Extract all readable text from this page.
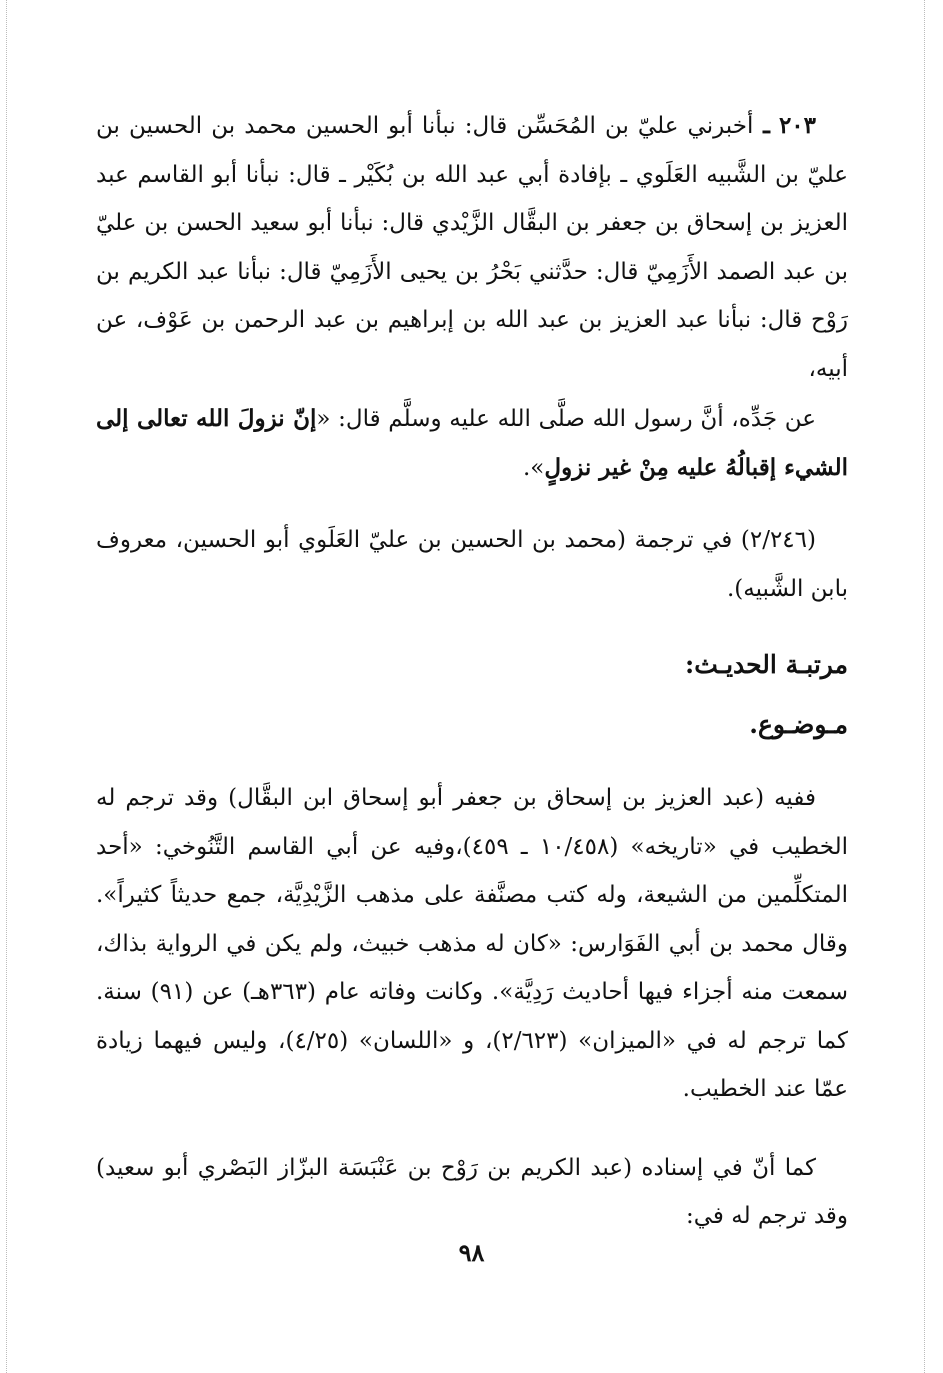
٢٠٣ ـ أخبرني عليّ بن المُحَسِّن قال: نبأنا أبو الحسين محمد بن الحسين بن عليّ بن الشَّبيه العَلَوي ـ بإفادة أبي عبد الله بن بُكَيْر ـ قال: نبأنا أبو القاسم عبد العزيز بن إسحاق بن جعفر بن البقَّال الزَّيْدي قال: نبأنا أبو سعيد الحسن بن عليّ بن عبد الصمد الأَزَمِيّ قال: حدَّثني بَحْرُ بن يحيى الأَزَمِيّ قال: نبأنا عبد الكريم بن رَوْح قال: نبأنا عبد العزيز بن عبد الله بن إبراهيم بن عبد الرحمن بن عَوْف، عن أبيه،

عن جَدِّه، أنَّ رسول الله صلَّى الله عليه وسلَّم قال: «إنّ نزولَ الله تعالى إلى الشيء إقبالُهُ عليه مِنْ غير نزولٍ».

(٢/٢٤٦) في ترجمة (محمد بن الحسين بن عليّ العَلَوي أبو الحسين، معروف بابن الشَّبيه).

مرتبـة الحديـث:
مـوضـوع.

ففيه (عبد العزيز بن إسحاق بن جعفر أبو إسحاق ابن البقَّال) وقد ترجم له الخطيب في «تاريخه» (١٠/٤٥٨ ـ ٤٥٩)،وفيه عن أبي القاسم التَّنُوخي: «أحد المتكلِّمين من الشيعة، وله كتب مصنَّفة على مذهب الزَّيْدِيَّة، جمع حديثاً كثيراً». وقال محمد بن أبي الفَوَارس: «كان له مذهب خبيث، ولم يكن في الرواية بذاك، سمعت منه أجزاء فيها أحاديث رَدِيَّة». وكانت وفاته عام (٣٦٣هـ) عن (٩١) سنة. كما ترجم له في «الميزان» (٢/٦٢٣)، و «اللسان» (٤/٢٥)، وليس فيهما زيادة عمّا عند الخطيب.

كما أنّ في إسناده (عبد الكريم بن رَوْح بن عَنْبَسَة البزّاز البَصْري أبو سعيد) وقد ترجم له في:

٩٨
